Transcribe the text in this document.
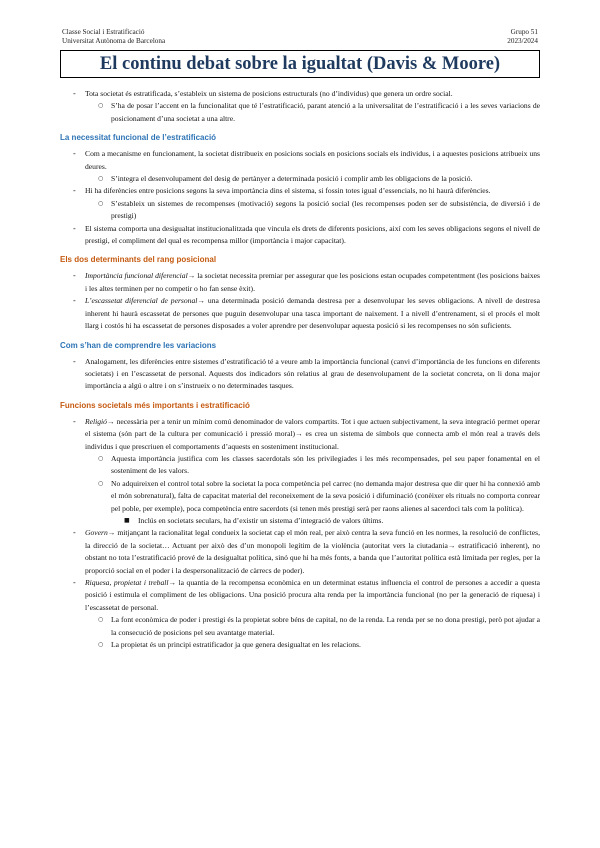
Classe Social i Estratificació
Universitat Autònoma de Barcelona
Grupo 51
2023/2024
El continu debat sobre la igualtat (Davis & Moore)
- Tota societat és estratificada, s’estableix un sistema de posicions estructurals (no d’individus) que genera un ordre social.
○ S’ha de posar l’accent en la funcionalitat que té l’estratificació, parant atenció a la universalitat de l’estratificació i a les seves variacions de posicionament d’una societat a una altre.
La necessitat funcional de l’estratificació
- Com a mecanisme en funcionament, la societat distribueix en posicions socials en posicions socials els individus, i a aquestes posicions atribueix uns deures.
○ S’integra el desenvolupament del desig de pertànyer a determinada posició i complir amb les obligacions de la posició.
- Hi ha diferències entre posicions segons la seva importància dins el sistema, si fossin totes igual d’essencials, no hi haurà diferències.
○ S’estableix un sistemes de recompenses (motivació) segons la posició social (les recompenses poden ser de subsistència, de diversió i de prestigi)
- El sistema comporta una desigualtat institucionalitzada que vincula els drets de diferents posicions, així com les seves obligacions segons el nivell de prestigi, el compliment del qual es recompensa millor (importància i major capacitat).
Els dos determinants del rang posicional
- Importància funcional diferencial→ la societat necessita premiar per assegurar que les posicions estan ocupades competentment (les posicions baixes i les altes terminen per no competir o ho fan sense èxit).
- L’escassetat diferencial de personal→ una determinada posició demanda destresa per a desenvolupar les seves obligacions. A nivell de destresa inherent hi haurà escassetat de persones que puguin desenvolupar una tasca important de naixement. I a nivell d’entrenament, si el procés el molt llarg i costós hi ha escassetat de persones disposades a voler aprendre per desenvolupar aquesta posició si les recompenses no són suficients.
Com s’han de comprendre les variacions
- Analogament, les diferències entre sistemes d’estratificació té a veure amb la importància funcional (canvi d’importància de les funcions en diferents societats) i en l’escassetat de personal. Aquests dos indicadors són relatius al grau de desenvolupament de la societat concreta, on li dona major importància a algú o altre i on s’instrueix o no determinades tasques.
Funcions societals més importants i estratificació
- Religió→ necessària per a tenir un mínim comú denominador de valors compartits. Tot i que actuen subjectivament, la seva integració permet operar el sistema (són part de la cultura per comunicació i pressió moral)→ es crea un sistema de símbols que connecta amb el món real a través dels individus i que prescriuen el comportaments d’aquests en sosteniment institucional.
○ Aquesta importància justifica com les classes sacerdotals són les privilegiades i les més recompensades, pel seu paper fonamental en el sosteniment de les valors.
○ No adquireixen el control total sobre la societat la poca competència pel carrec (no demanda major destresa que dir quer hi ha connexió amb el món sobrenatural), falta de capacitat material del reconeixement de la seva posició i difuminació (conèixer els rituals no comporta conrear pel poble, per exemple), poca competència entre sacerdots (si tenen més prestigi serà per raons alienes al sacerdoci tals com la política).
■ Inclús en societats seculars, ha d’existir un sistema d’integració de valors últims.
- Govern→ mitjançant la racionalitat legal condueix la societat cap el món real, per això centra la seva funció en les normes, la resolució de conflictes, la direcció de la societat… Actuant per això des d’un monopoli legítim de la violència (autoritat vers la ciutadania→ estratificació inherent), no obstant no tota l’estratificació prové de la desigualtat política, sinó que hi ha més fonts, a banda que l’autoritat política està limitada per regles, per la proporció social en el poder i la despersonalització de càrrecs de poder).
- Riquesa, propietat i treball→ la quantia de la recompensa econòmica en un determinat estatus influencia el control de persones a accedir a questa posició i estimula el compliment de les obligacions. Una posició procura alta renda per la importància funcional (no per la generació de riquesa) i l’escassetat de personal.
○ La font econòmica de poder i prestigi és la propietat sobre béns de capital, no de la renda. La renda per se no dona prestigi, però pot ajudar a la consecució de posicions pel seu avantatge material.
○ La propietat és un principi estratificador ja que genera desigualtat en les relacions.
